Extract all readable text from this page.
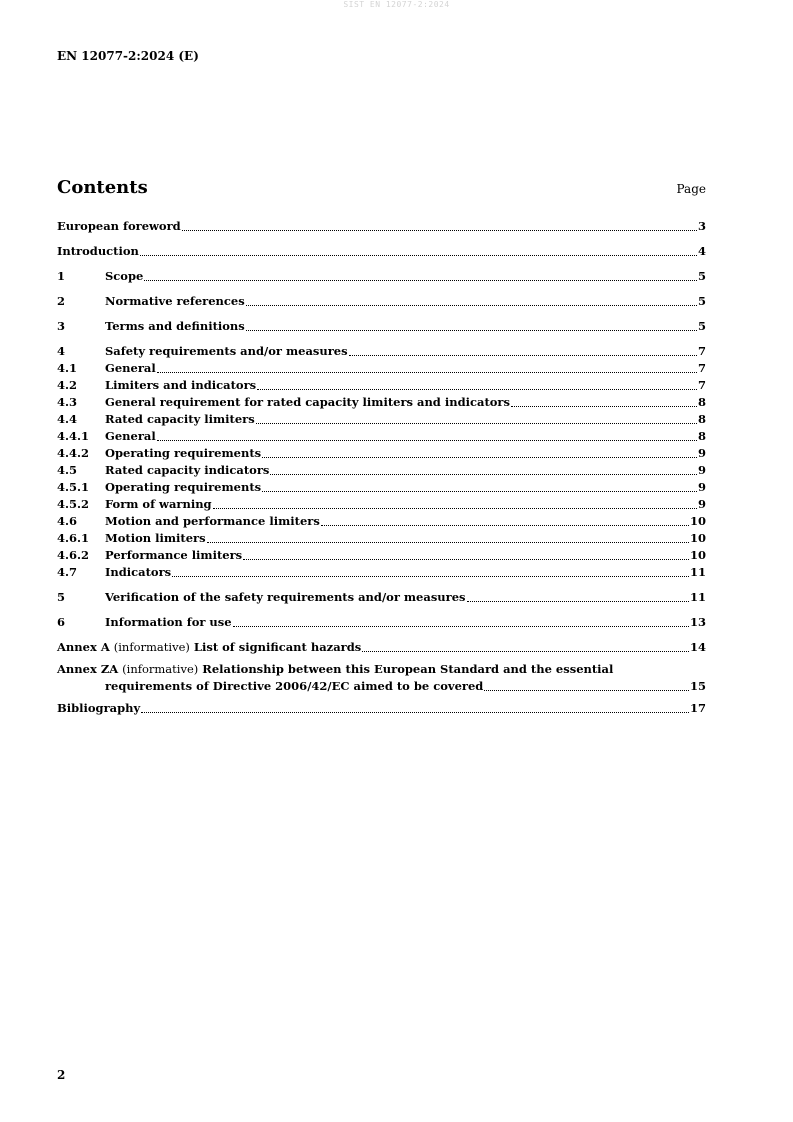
SIST EN 12077-2:2024
EN 12077-2:2024 (E)
Contents	Page
European foreword	3
Introduction	4
1	Scope	5
2	Normative references	5
3	Terms and definitions	5
4	Safety requirements and/or measures	7
4.1	General	7
4.2	Limiters and indicators	7
4.3	General requirement for rated capacity limiters and indicators	8
4.4	Rated capacity limiters	8
4.4.1	General	8
4.4.2	Operating requirements	9
4.5	Rated capacity indicators	9
4.5.1	Operating requirements	9
4.5.2	Form of warning	9
4.6	Motion and performance limiters	10
4.6.1	Motion limiters	10
4.6.2	Performance limiters	10
4.7	Indicators	11
5	Verification of the safety requirements and/or measures	11
6	Information for use	13
Annex A (informative) List of significant hazards	14
Annex ZA (informative) Relationship between this European Standard and the essential
requirements of Directive 2006/42/EC aimed to be covered	15
Bibliography	17
2
